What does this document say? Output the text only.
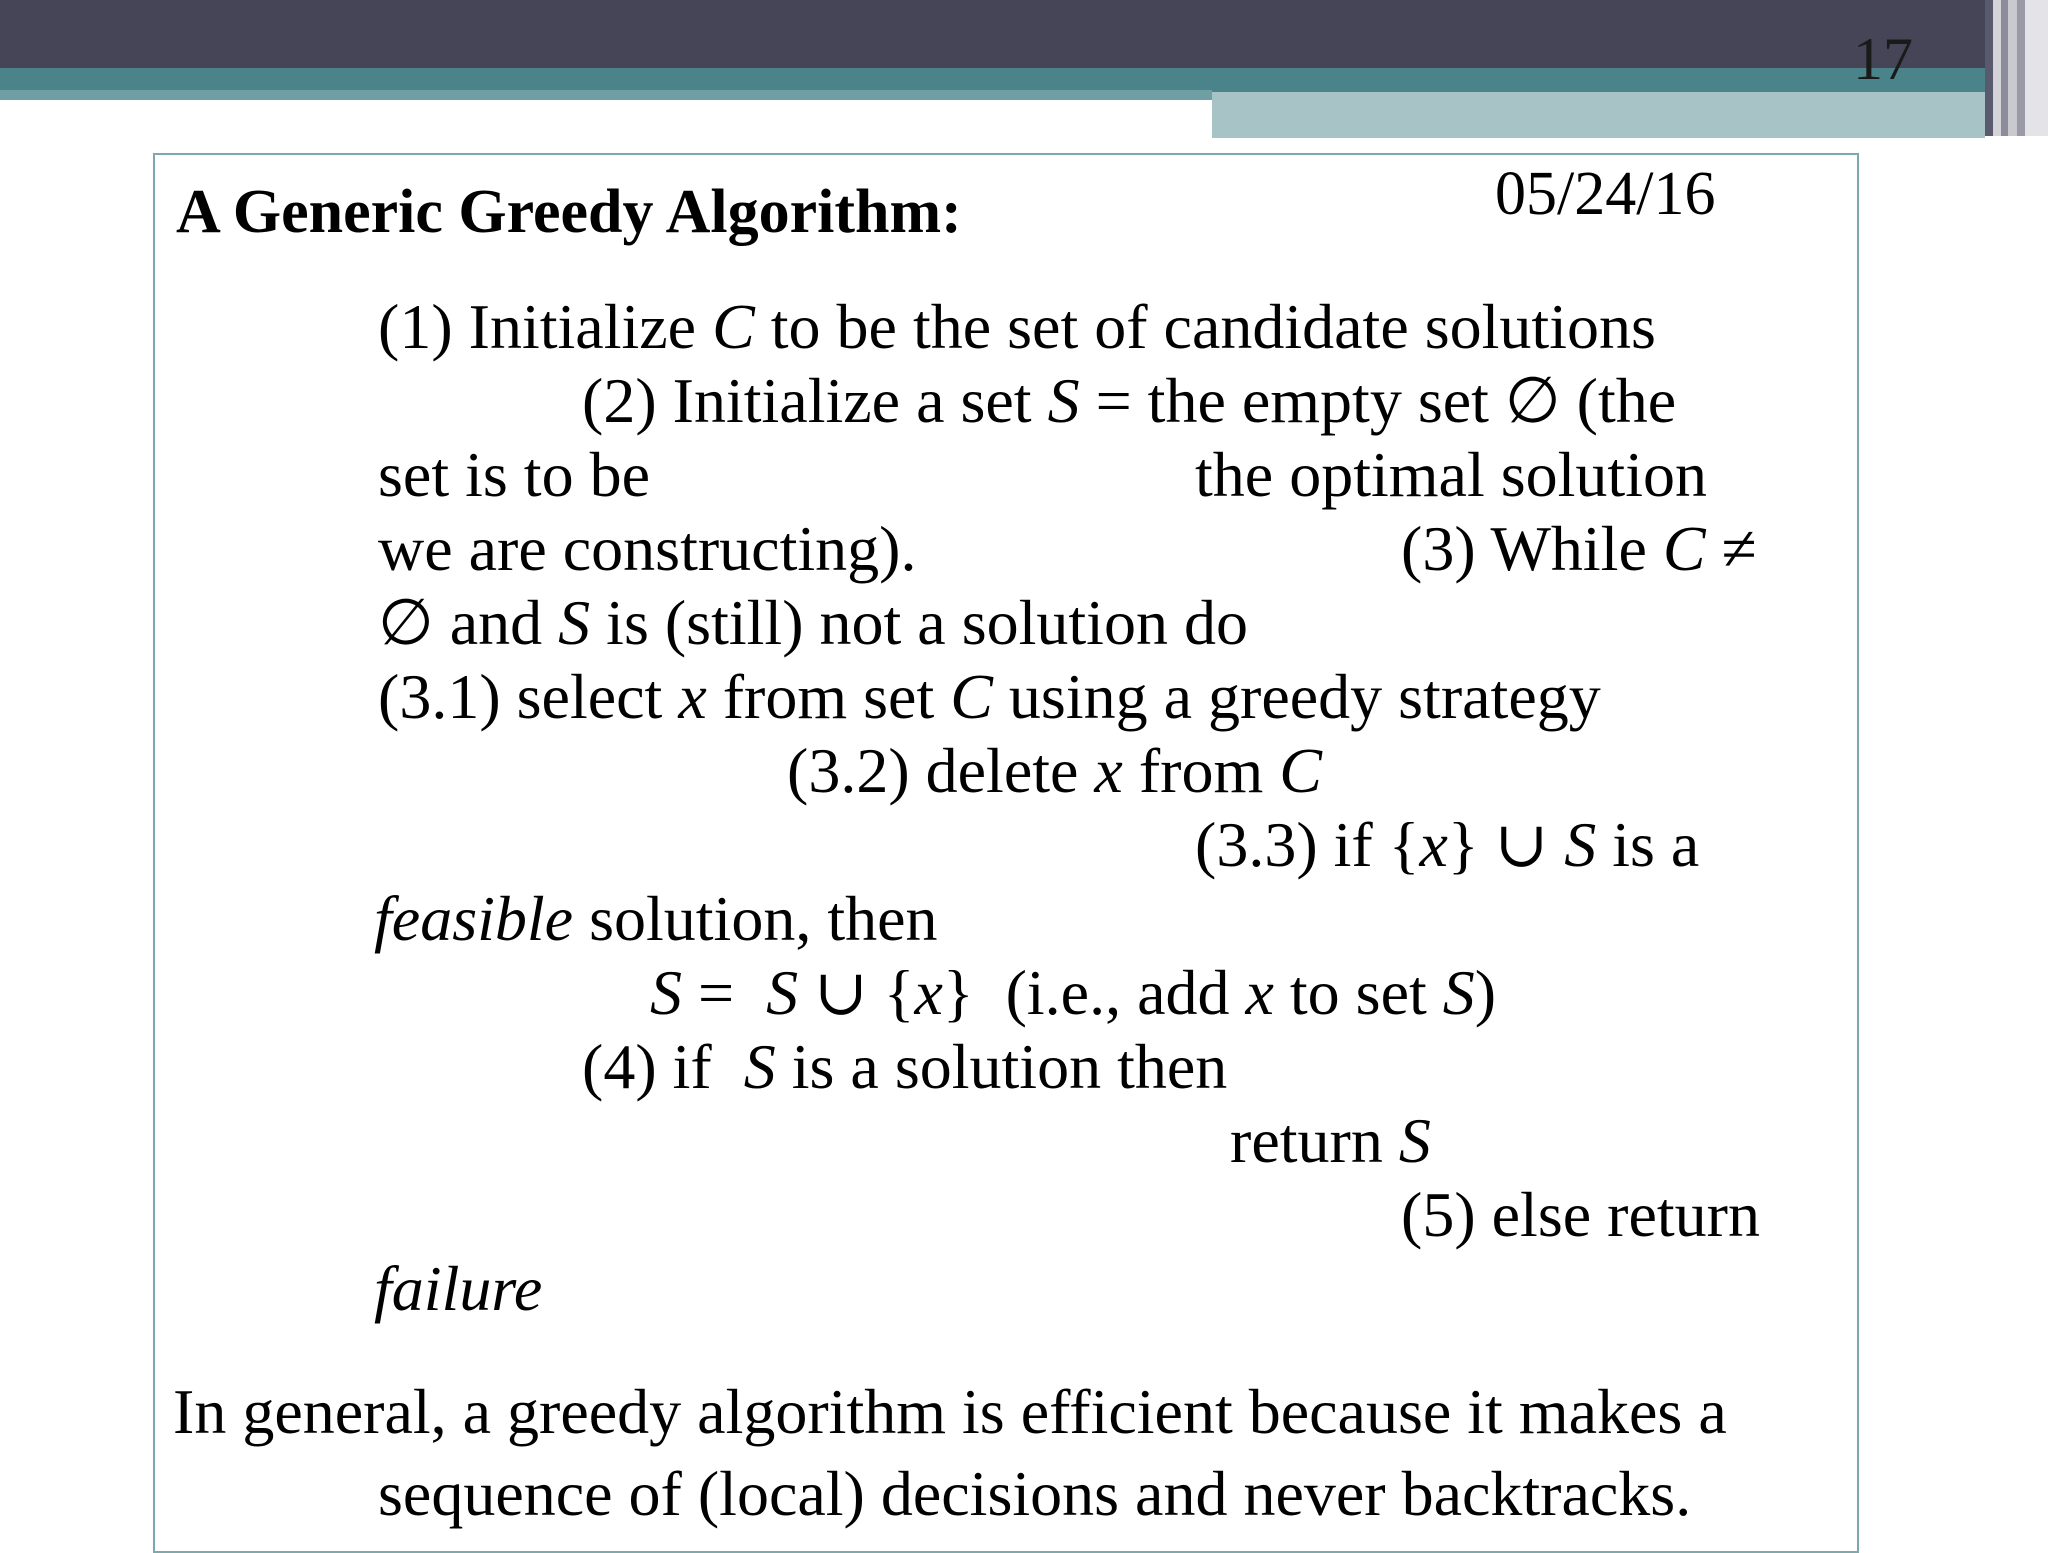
17
A Generic Greedy Algorithm:	05/24/16
(1) Initialize C to be the set of candidate solutions
(2) Initialize a set S = the empty set ∅ (the
set is to be	the optimal solution
we are constructing).	(3) While C ≠
∅ and S is (still) not a solution do
(3.1) select x from set C using a greedy strategy
(3.2) delete x from C
(3.3) if {x} ∪ S is a
feasible solution, then
S =  S ∪ {x}  (i.e., add x to set S)
(4) if  S is a solution then
return S
(5) else return
failure
In general, a greedy algorithm is efficient because it makes a
sequence of (local) decisions and never backtracks.
